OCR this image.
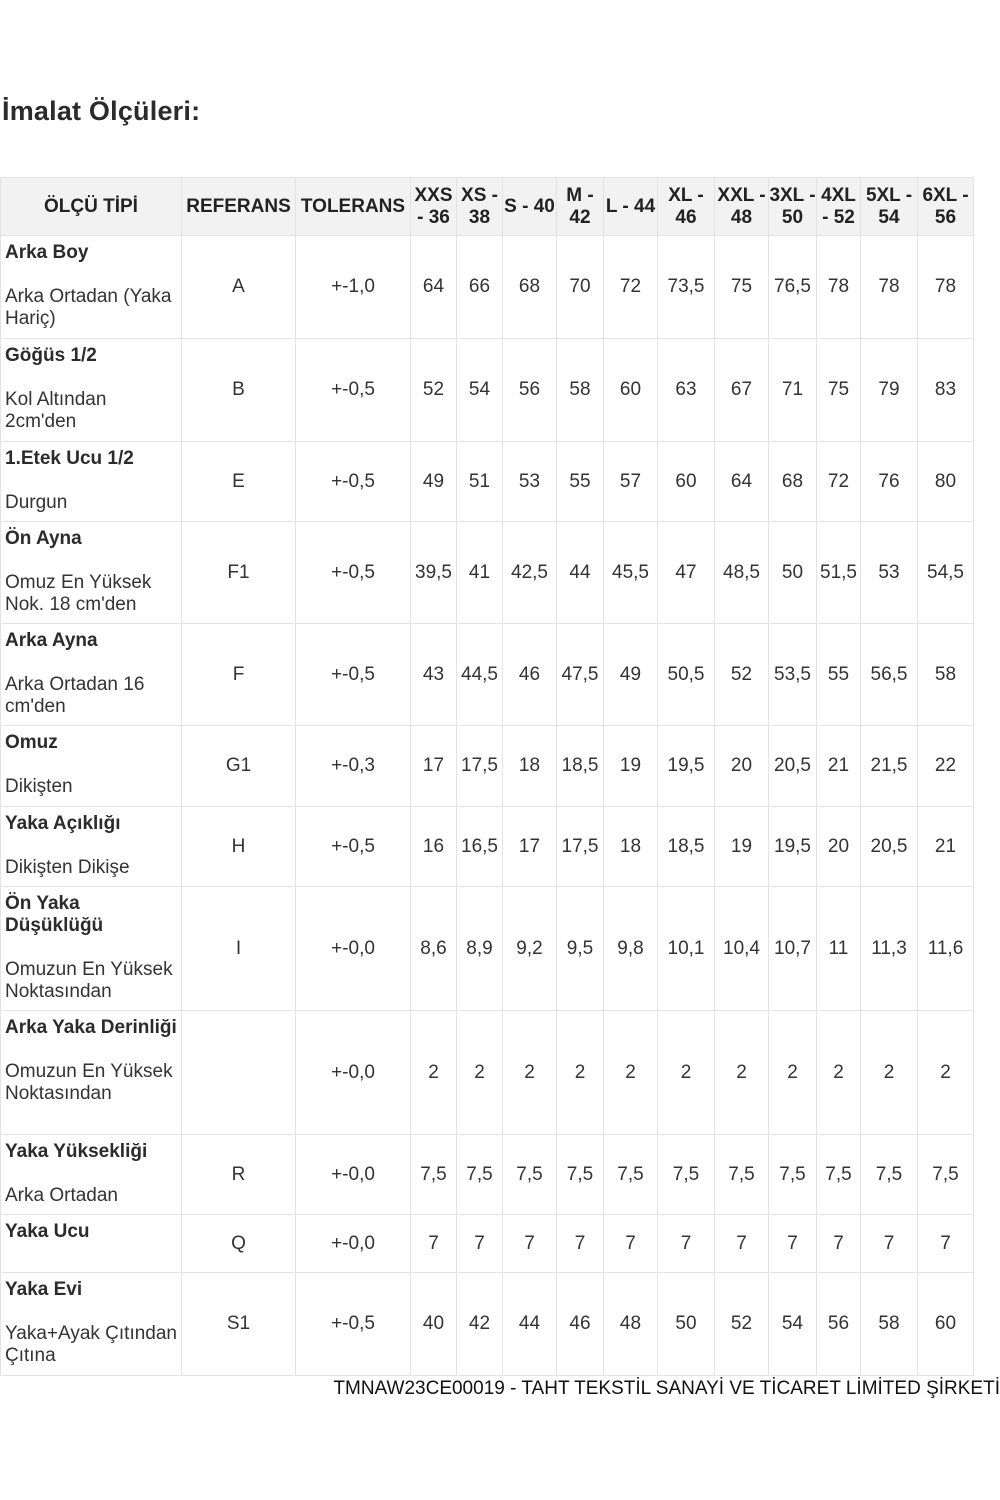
İmalat Ölçüleri:
ÖLÇÜ TİPİ	REFERANS	TOLERANS	XXS - 36	XS - 38	S - 40	M - 42	L - 44	XL - 46	XXL - 48	3XL - 50	4XL - 52	5XL - 54	6XL - 56

Arka Boy
Arka Ortadan (Yaka Hariç)	A	+-1,0	64	66	68	70	72	73,5	75	76,5	78	78	78

Göğüs 1/2
Kol Altından 2cm'den	B	+-0,5	52	54	56	58	60	63	67	71	75	79	83

1.Etek Ucu 1/2
Durgun	E	+-0,5	49	51	53	55	57	60	64	68	72	76	80

Ön Ayna
Omuz En Yüksek Nok. 18 cm'den	F1	+-0,5	39,5	41	42,5	44	45,5	47	48,5	50	51,5	53	54,5

Arka Ayna
Arka Ortadan 16 cm'den	F	+-0,5	43	44,5	46	47,5	49	50,5	52	53,5	55	56,5	58

Omuz
Dikişten	G1	+-0,3	17	17,5	18	18,5	19	19,5	20	20,5	21	21,5	22

Yaka Açıklığı
Dikişten Dikişe	H	+-0,5	16	16,5	17	17,5	18	18,5	19	19,5	20	20,5	21

Ön Yaka Düşüklüğü
Omuzun En Yüksek Noktasından	I	+-0,0	8,6	8,9	9,2	9,5	9,8	10,1	10,4	10,7	11	11,3	11,6

Arka Yaka Derinliği
Omuzun En Yüksek Noktasından		+-0,0	2	2	2	2	2	2	2	2	2	2	2

Yaka Yüksekliği
Arka Ortadan	R	+-0,0	7,5	7,5	7,5	7,5	7,5	7,5	7,5	7,5	7,5	7,5	7,5

Yaka Ucu	Q	+-0,0	7	7	7	7	7	7	7	7	7	7	7

Yaka Evi
Yaka+Ayak Çıtından Çıtına	S1	+-0,5	40	42	44	46	48	50	52	54	56	58	60
TMNAW23CE00019 - TAHT TEKSTİL SANAYİ VE TİCARET LİMİTED ŞİRKETİ
